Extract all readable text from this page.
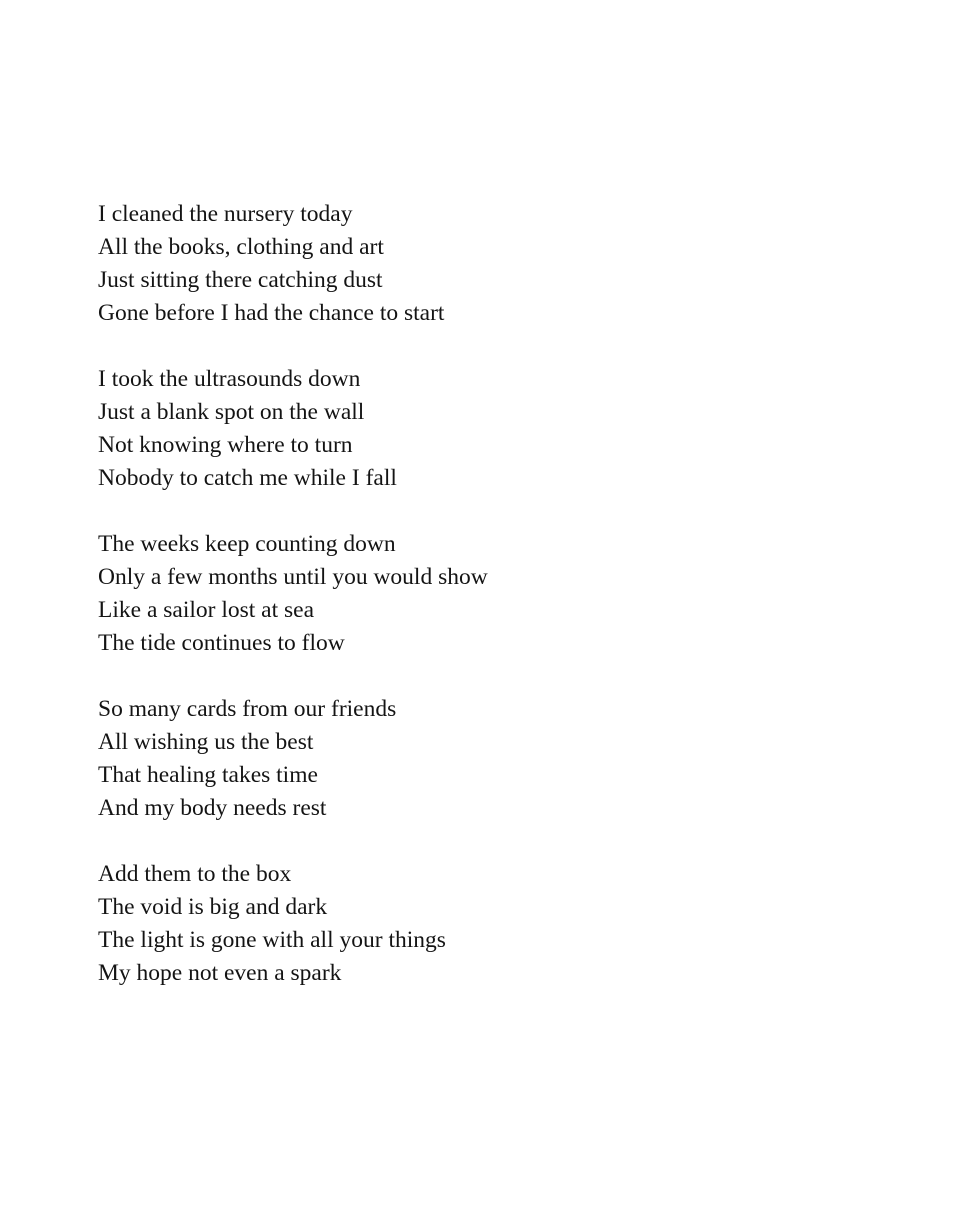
I cleaned the nursery today
All the books, clothing and art
Just sitting there catching dust
Gone before I had the chance to start
I took the ultrasounds down
Just a blank spot on the wall
Not knowing where to turn
Nobody to catch me while I fall
The weeks keep counting down
Only a few months until you would show
Like a sailor lost at sea
The tide continues to flow
So many cards from our friends
All wishing us the best
That healing takes time
And my body needs rest
Add them to the box
The void is big and dark
The light is gone with all your things
My hope not even a spark
